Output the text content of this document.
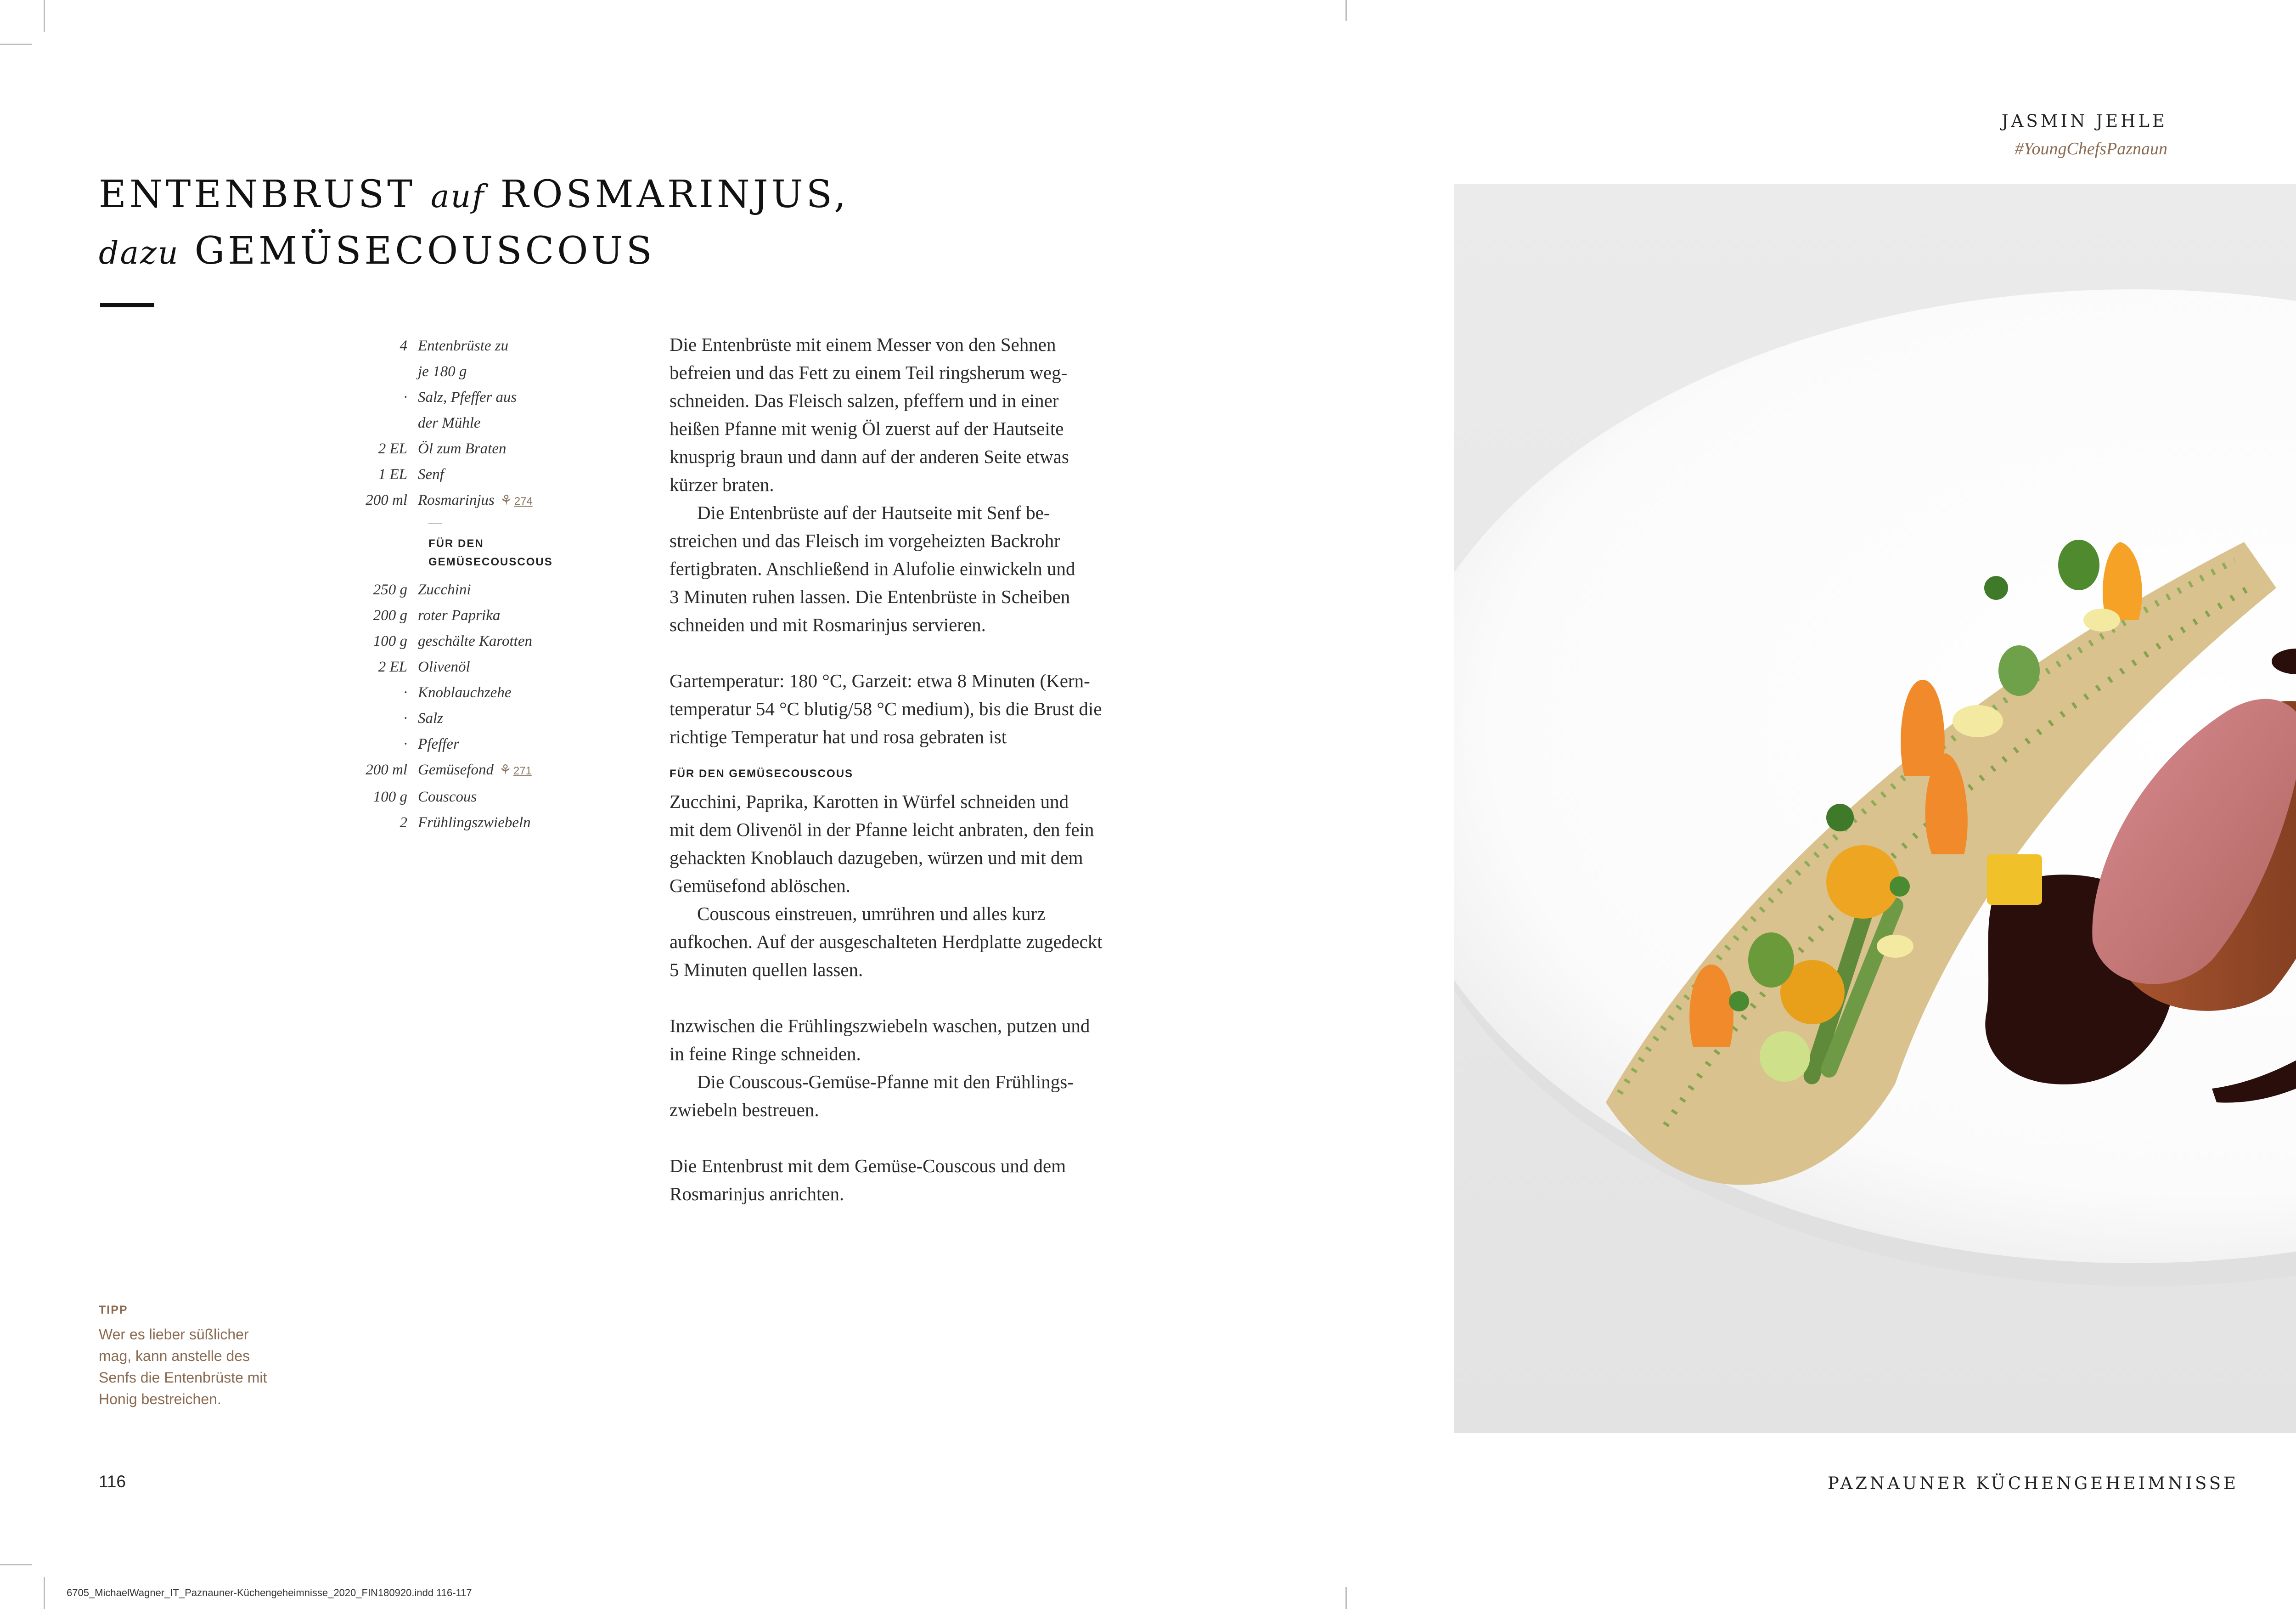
ENTENBRUST auf ROSMARINJUS,
dazu GEMÜSECOUSCOUS
4 Entenbrüste zu
je 180 g
· Salz, Pfeffer aus
der Mühle
2 EL Öl zum Braten
1 EL Senf
200 ml Rosmarinjus ⚘ 274
—
FÜR DEN
GEMÜSECOUSCOUS
250 g Zucchini
200 g roter Paprika
100 g geschälte Karotten
2 EL Olivenöl
· Knoblauchzehe
· Salz
· Pfeffer
200 ml Gemüsefond ⚘ 271
100 g Couscous
2 Frühlingszwiebeln

Die Entenbrüste mit einem Messer von den Sehnen
befreien und das Fett zu einem Teil ringsherum weg-
schneiden. Das Fleisch salzen, pfeffern und in einer
heißen Pfanne mit wenig Öl zuerst auf der Hautseite
knusprig braun und dann auf der anderen Seite etwas
kürzer braten.

Die Entenbrüste auf der Hautseite mit Senf be-
streichen und das Fleisch im vorgeheizten Backrohr
fertigbraten. Anschließend in Alufolie einwickeln und
3 Minuten ruhen lassen. Die Entenbrüste in Scheiben
schneiden und mit Rosmarinjus servieren.

Gartemperatur: 180 °C, Garzeit: etwa 8 Minuten (Kern-
temperatur 54 °C blutig/58 °C medium), bis die Brust die
richtige Temperatur hat und rosa gebraten ist

FÜR DEN GEMÜSECOUSCOUS

Zucchini, Paprika, Karotten in Würfel schneiden und
mit dem Olivenöl in der Pfanne leicht anbraten, den fein
gehackten Knoblauch dazugeben, würzen und mit dem
Gemüsefond ablöschen.

Couscous einstreuen, umrühren und alles kurz
aufkochen. Auf der ausgeschalteten Herdplatte zugedeckt
5 Minuten quellen lassen.

Inzwischen die Frühlingszwiebeln waschen, putzen und
in feine Ringe schneiden.

Die Couscous-Gemüse-Pfanne mit den Frühlings-
zwiebeln bestreuen.

Die Entenbrust mit dem Gemüse-Couscous und dem
Rosmarinjus anrichten.

TIPP
Wer es lieber süßlicher
mag, kann anstelle des
Senfs die Entenbrüste mit
Honig bestreichen.
116
JASMIN JEHLE
#YoungChefsPaznaun
PAZNAUNER KÜCHENGEHEIMNISSE
6705_MichaelWagner_IT_Paznauner-Küchengeheimnisse_2020_FIN180920.indd 116-117
